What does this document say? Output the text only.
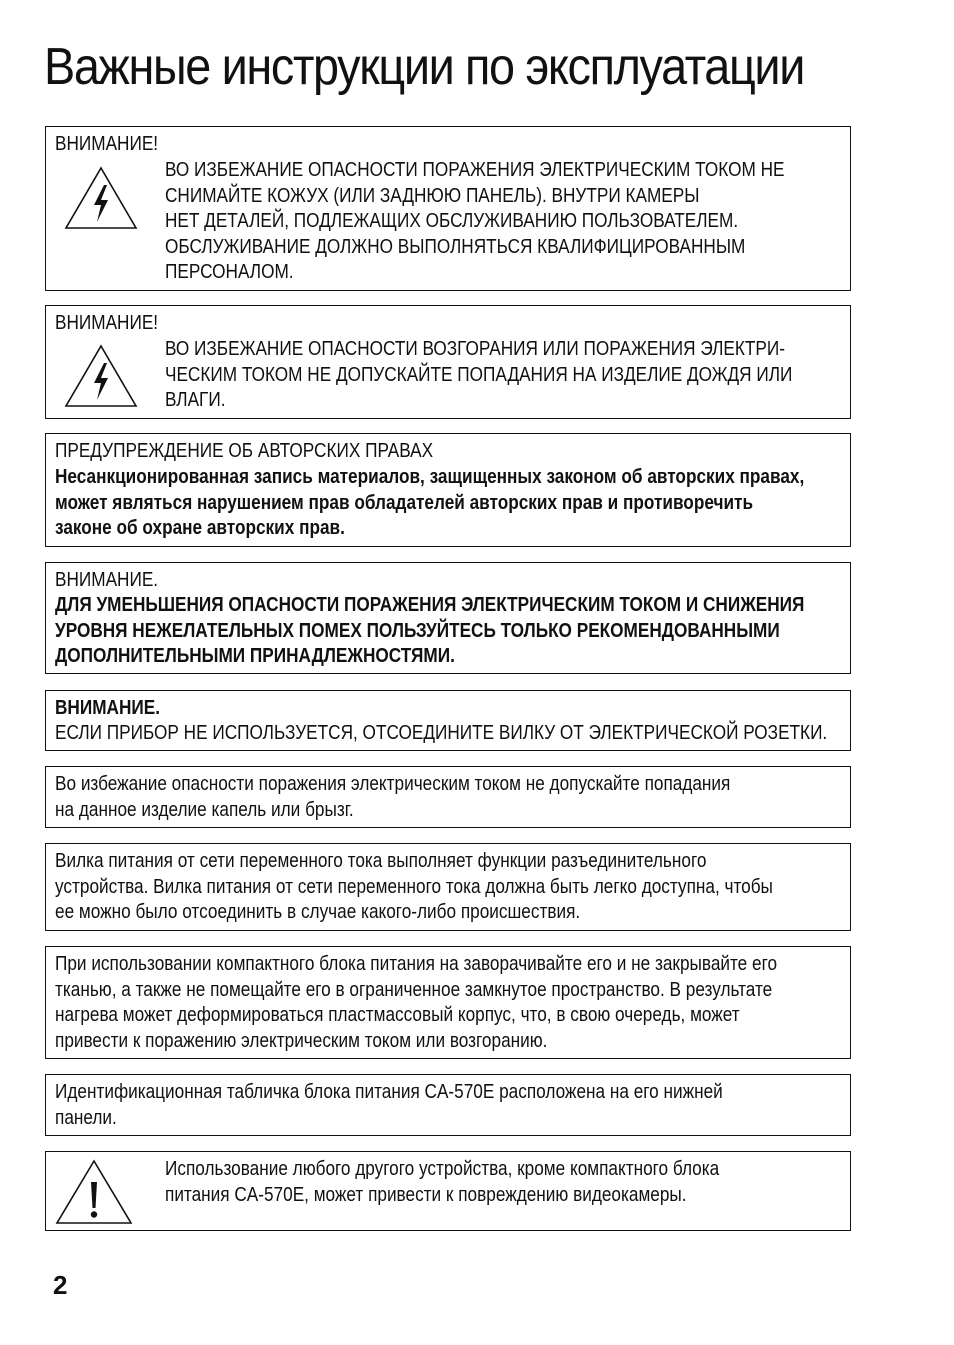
Важные инструкции по эксплуатации
ВНИМАНИЕ!
ВО ИЗБЕЖАНИЕ ОПАСНОСТИ ПОРАЖЕНИЯ ЭЛЕКТРИЧЕСКИМ ТОКОМ НЕ
СНИМАЙТЕ КОЖУХ (ИЛИ ЗАДНЮЮ ПАНЕЛЬ). ВНУТРИ КАМЕРЫ
НЕТ ДЕТАЛЕЙ, ПОДЛЕЖАЩИХ ОБСЛУЖИВАНИЮ ПОЛЬЗОВАТЕЛЕМ.
ОБСЛУЖИВАНИЕ ДОЛЖНО ВЫПОЛНЯТЬСЯ КВАЛИФИЦИРОВАННЫМ
ПЕРСОНАЛОМ.
ВНИМАНИЕ!
ВО ИЗБЕЖАНИЕ ОПАСНОСТИ ВОЗГОРАНИЯ ИЛИ ПОРАЖЕНИЯ ЭЛЕКТРИ-
ЧЕСКИМ ТОКОМ НЕ ДОПУСКАЙТЕ ПОПАДАНИЯ НА ИЗДЕЛИЕ ДОЖДЯ ИЛИ
ВЛАГИ.
ПРЕДУПРЕЖДЕНИЕ ОБ АВТОРСКИХ ПРАВАХ
Несанкционированная запись материалов, защищенных законом об авторских правах,
может являться нарушением прав обладателей авторских прав и противоречить
законе об охране авторских прав.
ВНИМАНИЕ.
ДЛЯ УМЕНЬШЕНИЯ ОПАСНОСТИ ПОРАЖЕНИЯ ЭЛЕКТРИЧЕСКИМ ТОКОМ И СНИЖЕНИЯ
УРОВНЯ НЕЖЕЛАТЕЛЬНЫХ ПОМЕХ ПОЛЬЗУЙТЕСЬ ТОЛЬКО РЕКОМЕНДОВАННЫМИ
ДОПОЛНИТЕЛЬНЫМИ ПРИНАДЛЕЖНОСТЯМИ.
ВНИМАНИЕ.
ЕСЛИ ПРИБОР НЕ ИСПОЛЬЗУЕТСЯ, ОТСОЕДИНИТЕ ВИЛКУ ОТ ЭЛЕКТРИЧЕСКОЙ РОЗЕТКИ.
Во избежание опасности поражения электрическим током не допускайте попадания
на данное изделие капель или брызг.
Вилка питания от сети переменного тока выполняет функции разъединительного
устройства. Вилка питания от сети переменного тока должна быть легко доступна, чтобы
ее можно было отсоединить в случае какого-либо происшествия.
При использовании компактного блока питания на заворачивайте его и не закрывайте его
тканью, а также не помещайте его в ограниченное замкнутое пространство. В результате
нагрева может деформироваться пластмассовый корпус, что, в свою очередь, может
привести к поражению электрическим током или возгоранию.
Идентификационная табличка блока питания CA-570E расположена на его нижней
панели.
Использование любого другого устройства, кроме компактного блока
питания CA-570E, может привести к повреждению видеокамеры.
2
